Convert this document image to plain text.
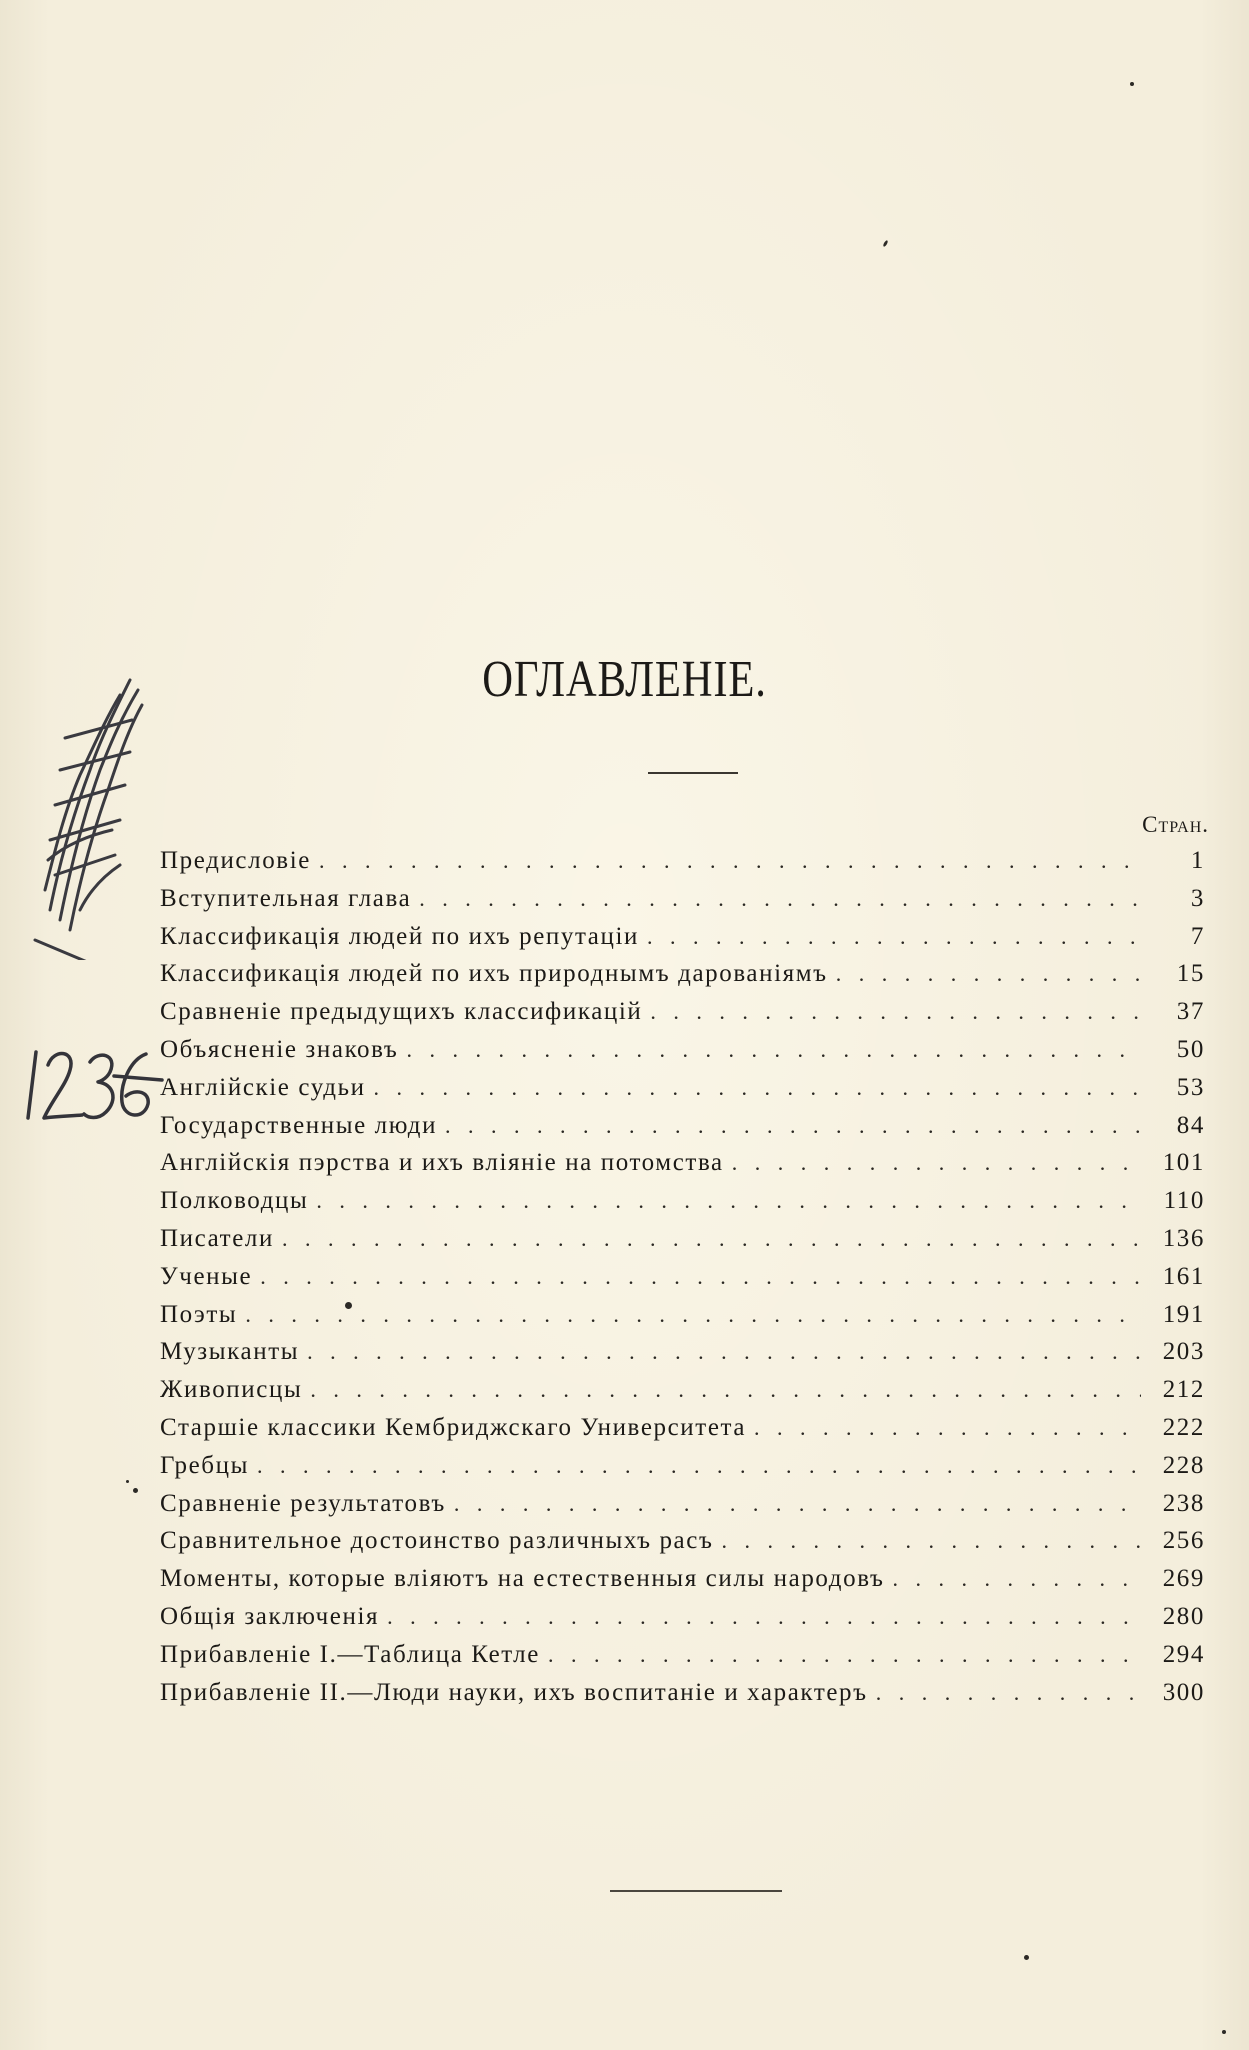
ОГЛАВЛЕНІЕ.
Стран.
Предисловіе . . .	1
Вступительная глава . . .	3
Классификація людей по ихъ репутаціи . . .	7
Классификація людей по ихъ природнымъ дарованіямъ . . .	15
Сравненіе предыдущихъ классификацій . . .	37
Объясненіе знаковъ . . .	50
Англійскіе судьи . . .	53
Государственные люди . . .	84
Англійскія пэрства и ихъ вліяніе на потомства . . .	101
Полководцы . . .	110
Писатели . . .	136
Ученые . . .	161
Поэты . . .	191
Музыканты . . .	203
Живописцы . . .	212
Старшіе классики Кембриджскаго Университета . . .	222
Гребцы . . .	228
Сравненіе результатовъ . . .	238
Сравнительное достоинство различныхъ расъ . . .	256
Моменты, которые вліяютъ на естественныя силы народовъ . . .	269
Общія заключенія . . .	280
Прибавленіе I.—Таблица Кетле . . .	294
Прибавленіе II.—Люди науки, ихъ воспитаніе и характеръ . . .	300
